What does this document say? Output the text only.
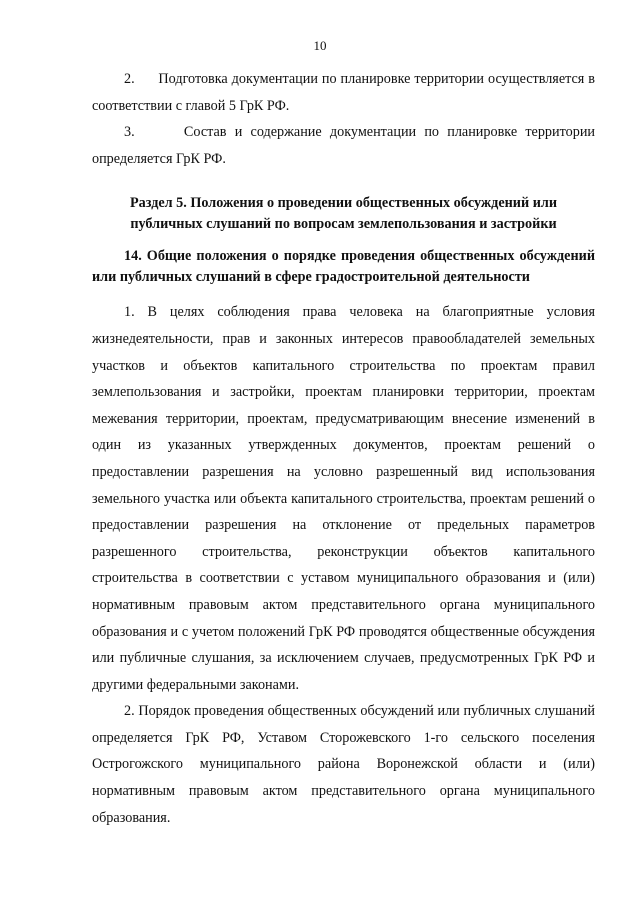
10

2.      Подготовка документации по планировке территории осуществляется в соответствии с главой 5 ГрК РФ.

3.      Состав и содержание документации по планировке территории определяется ГрК РФ.

Раздел 5. Положения о проведении общественных обсуждений или публичных слушаний по вопросам землепользования и застройки

14. Общие положения о порядке проведения общественных обсуждений или публичных слушаний в сфере градостроительной деятельности

1. В целях соблюдения права человека на благоприятные условия жизнедеятельности, прав и законных интересов правообладателей земельных участков и объектов капитального строительства по проектам правил землепользования и застройки, проектам планировки территории, проектам межевания территории, проектам, предусматривающим внесение изменений в один из указанных утвержденных документов, проектам решений о предоставлении разрешения на условно разрешенный вид использования земельного участка или объекта капитального строительства, проектам решений о предоставлении разрешения на отклонение от предельных параметров разрешенного строительства, реконструкции объектов капитального строительства в соответствии с уставом муниципального образования и (или) нормативным правовым актом представительного органа муниципального образования и с учетом положений ГрК РФ проводятся общественные обсуждения или публичные слушания, за исключением случаев, предусмотренных ГрК РФ и другими федеральными законами.

2. Порядок проведения общественных обсуждений или публичных слушаний определяется ГрК РФ, Уставом Сторожевского 1-го сельского поселения Острогожского муниципального района Воронежской области и (или) нормативным правовым актом представительного органа муниципального образования.
